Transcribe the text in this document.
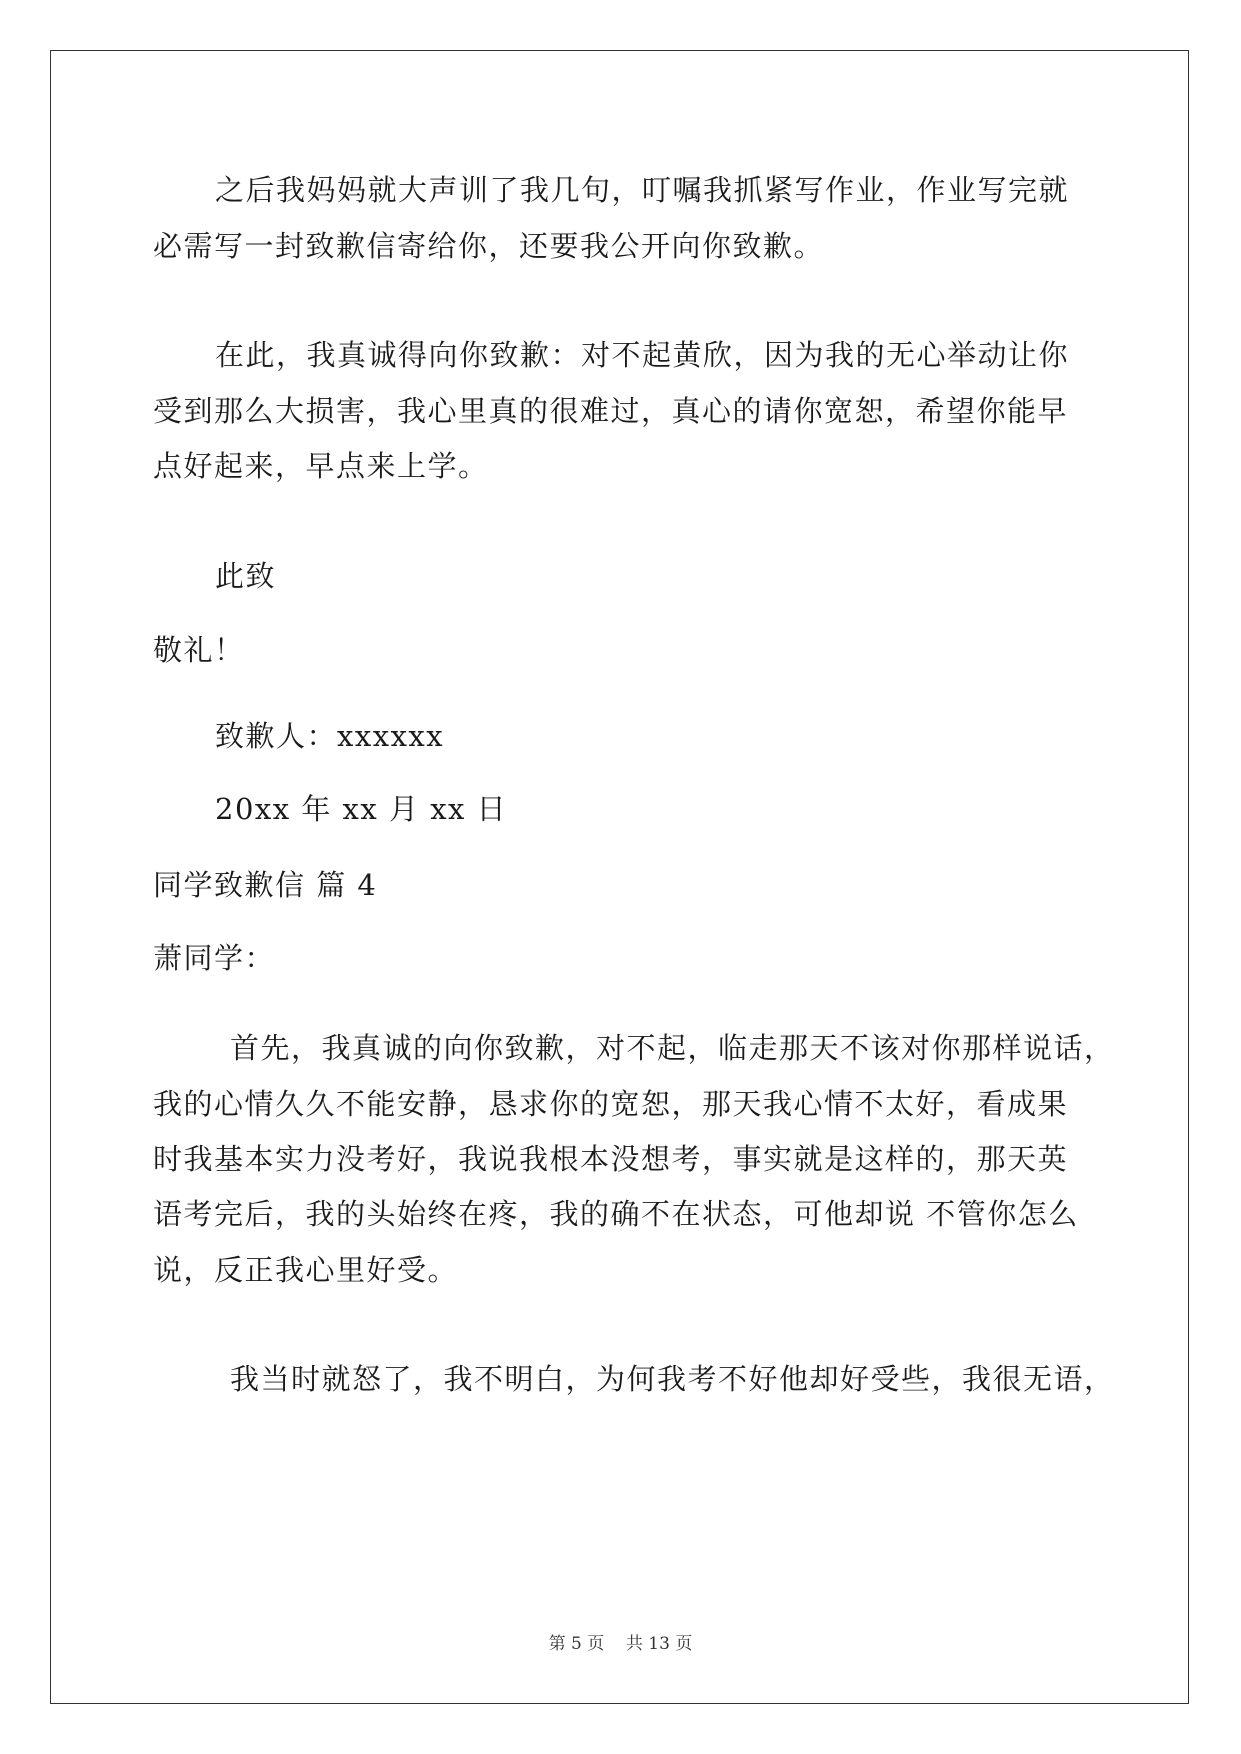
之后我妈妈就大声训了我几句，叮嘱我抓紧写作业，作业写完就
必需写一封致歉信寄给你，还要我公开向你致歉。
在此，我真诚得向你致歉：对不起黄欣，因为我的无心举动让你
受到那么大损害，我心里真的很难过，真心的请你宽恕，希望你能早
点好起来，早点来上学。
此致
敬礼！
致歉人：xxxxxx
20xx 年 xx 月 xx 日
同学致歉信 篇 4
萧同学：
首先，我真诚的向你致歉，对不起，临走那天不该对你那样说话，
我的心情久久不能安静，恳求你的宽恕，那天我心情不太好，看成果
时我基本实力没考好，我说我根本没想考，事实就是这样的，那天英
语考完后，我的头始终在疼，我的确不在状态，可他却说 不管你怎么
说，反正我心里好受。
我当时就怒了，我不明白，为何我考不好他却好受些，我很无语，
第 5 页    共 13 页
